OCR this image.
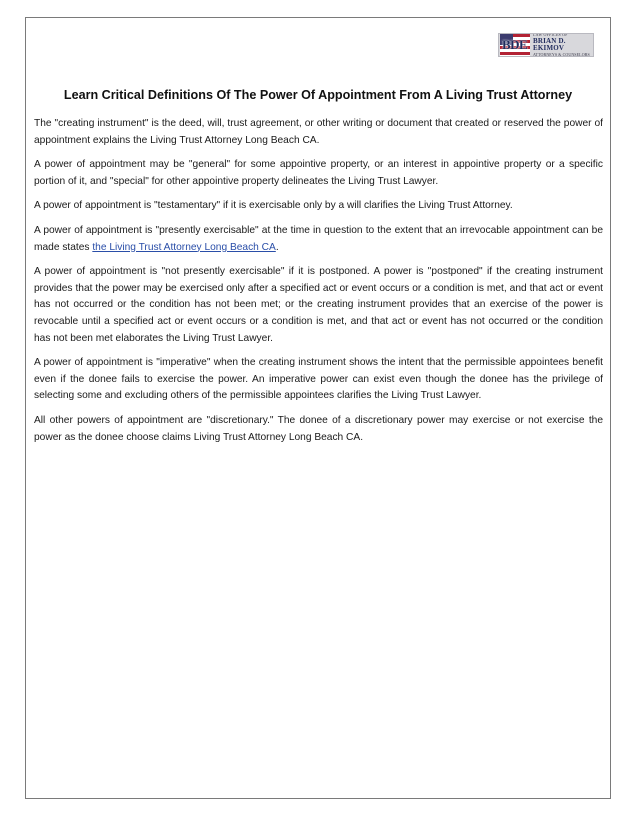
BDE
LAW OFFICES OF
BRIAN D. EKIMOV
ATTORNEYS & COUNSELORS
Learn Critical Definitions Of The Power Of Appointment From A Living Trust Attorney

The "creating instrument" is the deed, will, trust agreement, or other writing or document that created or reserved the power of appointment explains the Living Trust Attorney Long Beach CA.

A power of appointment may be "general" for some appointive property, or an interest in appointive property or a specific portion of it, and "special" for other appointive property delineates the Living Trust Lawyer.

A power of appointment is "testamentary" if it is exercisable only by a will clarifies the Living Trust Attorney.

A power of appointment is "presently exercisable" at the time in question to the extent that an irrevocable appointment can be made states the Living Trust Attorney Long Beach CA.

A power of appointment is "not presently exercisable" if it is postponed. A power is "postponed" if the creating instrument provides that the power may be exercised only after a specified act or event occurs or a condition is met, and that act or event has not occurred or the condition has not been met; or the creating instrument provides that an exercise of the power is revocable until a specified act or event occurs or a condition is met, and that act or event has not occurred or the condition has not been met elaborates the Living Trust Lawyer.

A power of appointment is "imperative" when the creating instrument shows the intent that the permissible appointees benefit even if the donee fails to exercise the power. An imperative power can exist even though the donee has the privilege of selecting some and excluding others of the permissible appointees clarifies the Living Trust Lawyer.

All other powers of appointment are "discretionary." The donee of a discretionary power may exercise or not exercise the power as the donee choose claims Living Trust Attorney Long Beach CA.
